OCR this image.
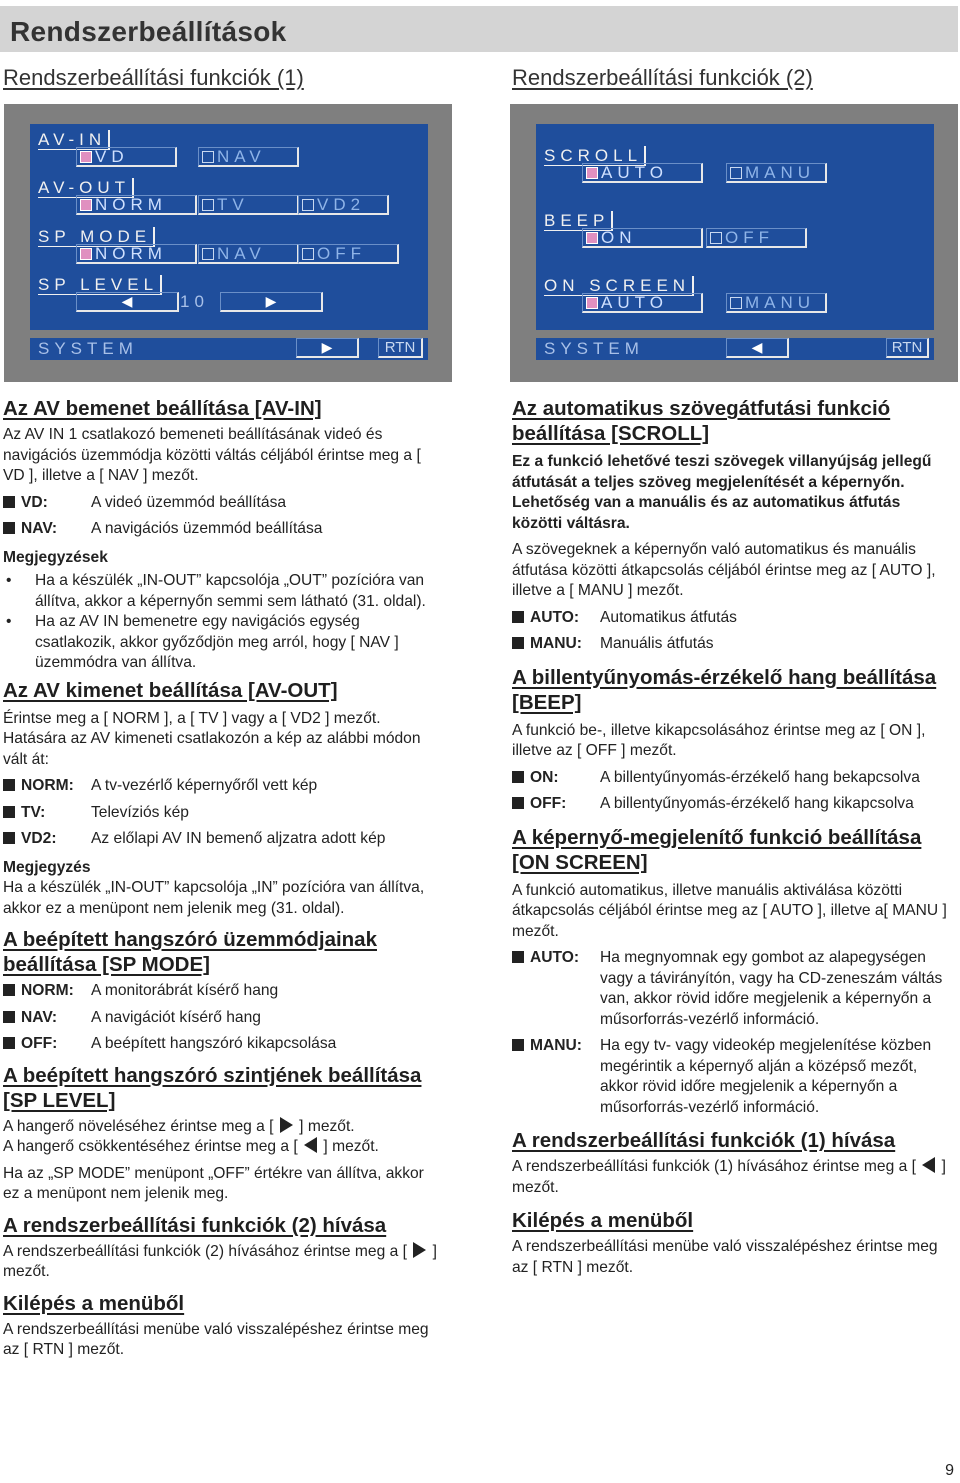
Rendszerbeállítások
Rendszerbeállítási funkciók (1)	Rendszerbeállítási funkciók (2)
AV-IN
VD	NAV
AV-OUT
NORM	TV	VD2
SP MODE
NORM	NAV	OFF
SP LEVEL
◀	10	▶
SYSTEM	▶	RTN
SCROLL
AUTO	MANU
BEEP
ON	OFF
ON SCREEN
AUTO	MANU
SYSTEM	◀	RTN

Az AV bemenet beállítása [AV-IN]

Az AV IN 1 csatlakozó bemeneti beállításának videó és navigációs üzemmódja közötti váltás céljából érintse meg a [ VD ], illetve a [ NAV ] mezőt.

VD:	A videó üzemmód beállítása

NAV: A navigációs üzemmód beállítása

Megjegyzések

• Ha a készülék „IN-OUT” kapcsolója „OUT” pozícióra van állítva, akkor a képernyőn semmi sem látható (31. oldal).

• Ha az AV IN bemenetre egy navigációs egység csatlakozik, akkor győződjön meg arról, hogy [ NAV ] üzemmódra van állítva.

Az AV kimenet beállítása [AV-OUT]

Érintse meg a [ NORM ], a [ TV ] vagy a [ VD2 ] mezőt. Hatására az AV kimeneti csatlakozón a kép az alábbi módon vált át:

NORM: A tv-vezérlő képernyőről vett kép

TV:	Televíziós kép

VD2: Az előlapi AV IN bemenő aljzatra adott kép

Megjegyzés

Ha a készülék „IN-OUT” kapcsolója „IN” pozícióra van állítva, akkor ez a menüpont nem jelenik meg (31. oldal).

A beépített hangszóró üzemmódjainak beállítása [SP MODE]

NORM: A monitorábrát kísérő hang

NAV: A navigációt kísérő hang

OFF: A beépített hangszóró kikapcsolása

A beépített hangszóró szintjének beállítása [SP LEVEL]

A hangerő növeléséhez érintse meg a [ ] mezőt.

A hangerő csökkentéséhez érintse meg a [ ] mezőt.

Ha az „SP MODE” menüpont „OFF” értékre van állítva, akkor ez a menüpont nem jelenik meg.

A rendszerbeállítási funkciók (2) hívása

A rendszerbeállítási funkciók (2) hívásához érintse meg a [ ] mezőt.

Kilépés a menüből

A rendszerbeállítási menübe való visszalépéshez érintse meg az [ RTN ] mezőt.

Az automatikus szövegátfutási funkció beállítása [SCROLL]

Ez a funkció lehetővé teszi szövegek villanyújság jellegű átfutását a teljes szöveg megjelenítését a képernyőn. Lehetőség van a manuális és az automatikus átfutás közötti váltásra.

A szövegeknek a képernyőn való automatikus és manuális átfutása közötti átkapcsolás céljából érintse meg az [ AUTO ], illetve a [ MANU ] mezőt.

AUTO: Automatikus átfutás

MANU: Manuális átfutás

A billentyűnyomás-érzékelő hang beállítása [BEEP]

A funkció be-, illetve kikapcsolásához érintse meg az [ ON ], illetve az [ OFF ] mezőt.

ON:	A billentyűnyomás-érzékelő hang bekapcsolva

OFF: A billentyűnyomás-érzékelő hang kikapcsolva

A képernyő-megjelenítő funkció beállítása [ON SCREEN]

A funkció automatikus, illetve manuális aktiválása közötti átkapcsolás céljából érintse meg az [ AUTO ], illetve a[ MANU ] mezőt.

AUTO: Ha megnyomnak egy gombot az alapegységen vagy a távirányítón, vagy ha CD-zeneszám váltás van, akkor rövid időre megjelenik a képernyőn a műsorforrás-vezérlő információ.

MANU: Ha egy tv- vagy videokép megjelenítése közben megérintik a képernyő alján a középső mezőt, akkor rövid időre megjelenik a képernyőn a műsorforrás-vezérlő információ.

A rendszerbeállítási funkciók (1) hívása

A rendszerbeállítási funkciók (1) hívásához érintse meg a [ ] mezőt.

Kilépés a menüből

A rendszerbeállítási menübe való visszalépéshez érintse meg az [ RTN ] mezőt.

9
